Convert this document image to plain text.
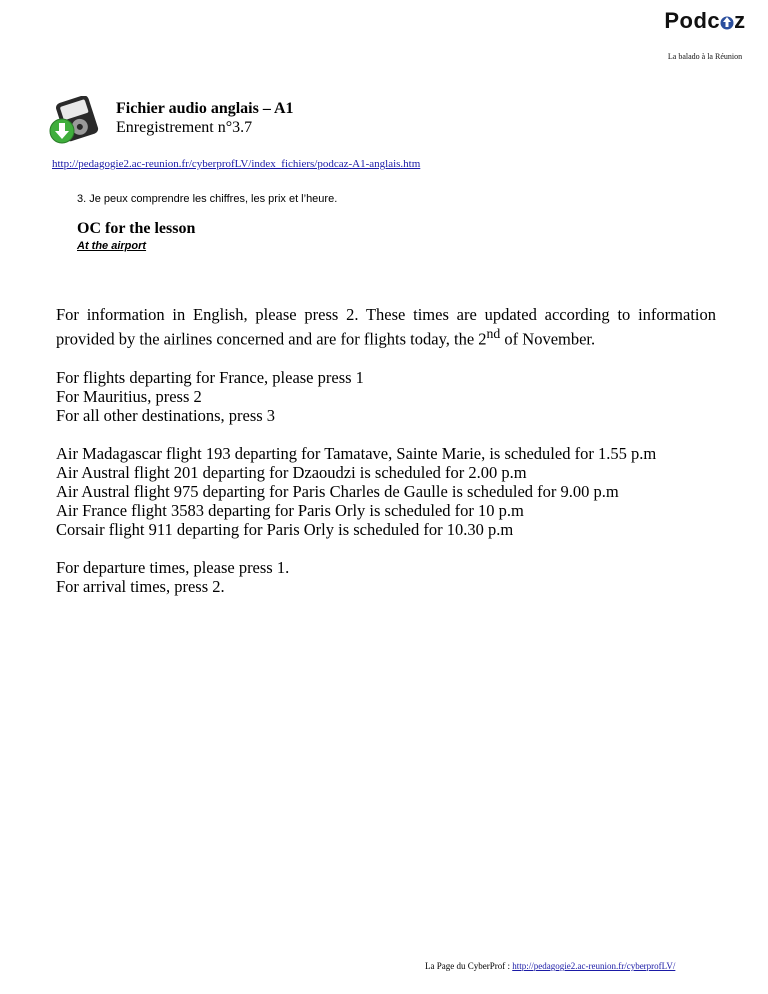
Podc z
La balado à la Réunion
Fichier audio anglais – A1
Enregistrement n°3.7
http://pedagogie2.ac-reunion.fr/cyberprofLV/index_fichiers/podcaz-A1-anglais.htm
3. Je peux comprendre les chiffres, les prix et l’heure.
OC for the lesson
At the airport

For information in English, please press 2. These times are updated according to information provided by the airlines concerned and are for flights today, the 2nd of November.

For flights departing for France, please press 1
For Mauritius, press 2
For all other destinations, press 3

Air Madagascar flight 193 departing for Tamatave, Sainte Marie, is scheduled for 1.55 p.m
Air Austral flight 201 departing for Dzaoudzi is scheduled for 2.00 p.m
Air Austral flight 975 departing for Paris Charles de Gaulle is scheduled for 9.00 p.m
Air France flight 3583 departing for Paris Orly is scheduled for 10 p.m
Corsair flight 911 departing for Paris Orly is scheduled for 10.30 p.m

For departure times, please press 1.
For arrival times, press 2.

La Page du CyberProf : http://pedagogie2.ac-reunion.fr/cyberprofLV/
